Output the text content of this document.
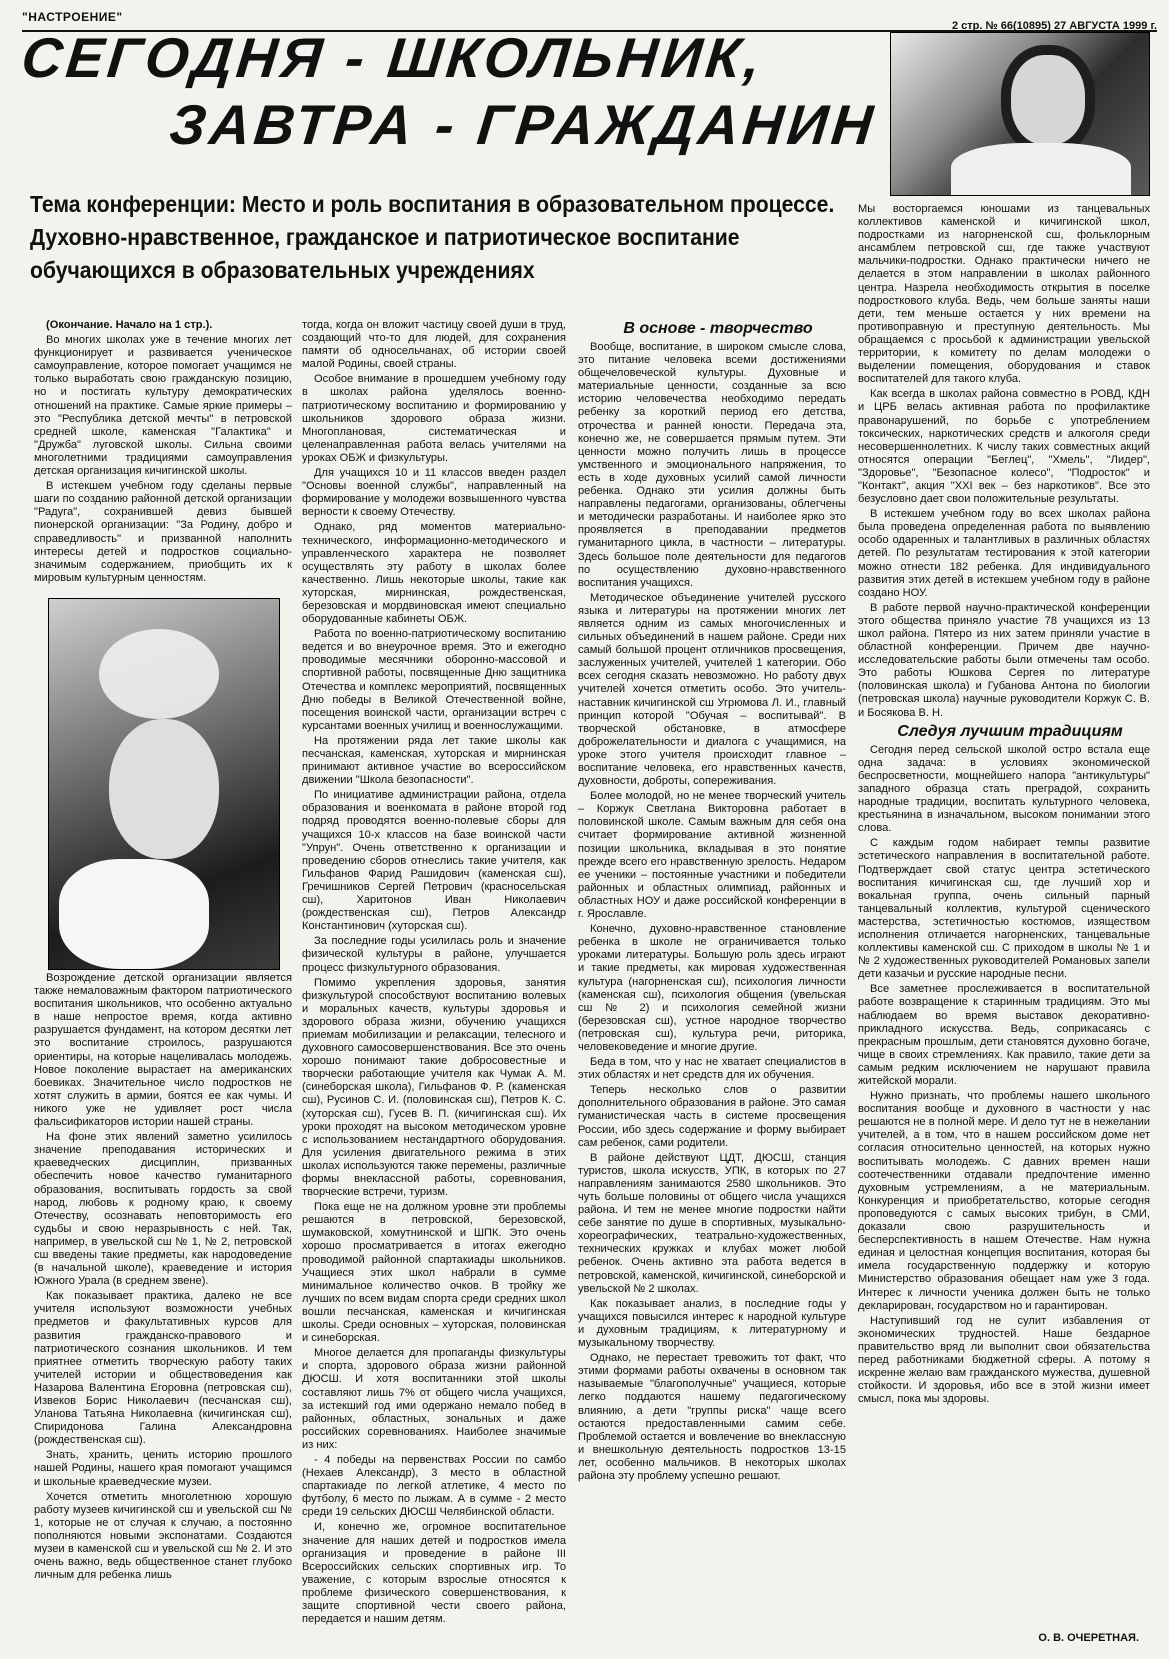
"НАСТРОЕНИЕ"
2 стр. № 66(10895) 27 АВГУСТА 1999 г.
СЕГОДНЯ - ШКОЛЬНИК,
ЗАВТРА - ГРАЖДАНИН
Тема конференции: Место и роль воспитания в образовательном процессе. Духовно-нравственное, гражданское и патриотическое воспитание обучающихся в образовательных учреждениях

(Окончание. Начало на 1 стр.).

Во многих школах уже в течение многих лет функционирует и развивается ученическое самоуправление, которое помогает учащимся не только выработать свою гражданскую позицию, но и постигать культуру демократических отношений на практике. Самые яркие примеры – это "Республика детской мечты" в петровской средней школе, каменская "Галактика" и "Дружба" луговской школы. Сильна своими многолетними традициями самоуправления детская организация кичигинской школы.

В истекшем учебном году сделаны первые шаги по созданию районной детской организации "Радуга", сохранившей девиз бывшей пионерской организации: "За Родину, добро и справедливость" и призванной наполнить интересы детей и подростков социально-значимым содержанием, приобщить их к мировым культурным ценностям.

Возрождение детской организации является также немаловажным фактором патриотического воспитания школьников, что особенно актуально в наше непростое время, когда активно разрушается фундамент, на котором десятки лет это воспитание строилось, разрушаются ориентиры, на которые нацеливалась молодежь. Новое поколение вырастает на американских боевиках. Значительное число подростков не хотят служить в армии, боятся ее как чумы. И никого уже не удивляет рост числа фальсификаторов истории нашей страны.

На фоне этих явлений заметно усилилось значение преподавания исторических и краеведческих дисциплин, призванных обеспечить новое качество гуманитарного образования, воспитывать гордость за свой народ, любовь к родному краю, к своему Отечеству, осознавать неповторимость его судьбы и свою неразрывность с ней. Так, например, в увельской сш № 1, № 2, петровской сш введены такие предметы, как народоведение (в начальной школе), краеведение и история Южного Урала (в среднем звене).

Как показывает практика, далеко не все учителя используют возможности учебных предметов и факультативных курсов для развития гражданско-правового и патриотического сознания школьников. И тем приятнее отметить творческую работу таких учителей истории и обществоведения как Назарова Валентина Егоровна (петровская сш), Извеков Борис Николаевич (песчанская сш), Уланова Татьяна Николаевна (кичигинская сш), Спиридонова Галина Александровна (рождественская сш).

Знать, хранить, ценить историю прошлого нашей Родины, нашего края помогают учащимся и школьные краеведческие музеи.

Хочется отметить многолетнюю хорошую работу музеев кичигинской сш и увельской сш № 1, которые не от случая к случаю, а постоянно пополняются новыми экспонатами. Создаются музеи в каменской сш и увельской сш № 2. И это очень важно, ведь общественное станет глубоко личным для ребенка лишь

тогда, когда он вложит частицу своей души в труд, создающий что-то для людей, для сохранения памяти об односельчанах, об истории своей малой Родины, своей страны.

Особое внимание в прошедшем учебному году в школах района уделялось военно-патриотическому воспитанию и формированию у школьников здорового образа жизни. Многоплановая, систематическая и целенаправленная работа велась учителями на уроках ОБЖ и физкультуры.

Для учащихся 10 и 11 классов введен раздел "Основы военной службы", направленный на формирование у молодежи возвышенного чувства верности к своему Отечеству.

Однако, ряд моментов материально-технического, информационно-методического и управленческого характера не позволяет осуществлять эту работу в школах более качественно. Лишь некоторые школы, такие как хуторская, мирнинская, рождественская, березовская и мордвиновская имеют специально оборудованные кабинеты ОБЖ.

Работа по военно-патриотическому воспитанию ведется и во внеурочное время. Это и ежегодно проводимые месячники оборонно-массовой и спортивной работы, посвященные Дню защитника Отечества и комплекс мероприятий, посвященных Дню победы в Великой Отечественной войне, посещения воинской части, организации встреч с курсантами военных училищ и военнослужащими.

На протяжении ряда лет такие школы как песчанская, каменская, хуторская и мирнинская принимают активное участие во всероссийском движении "Школа безопасности".

По инициативе администрации района, отдела образования и военкомата в районе второй год подряд проводятся военно-полевые сборы для учащихся 10-х классов на базе воинской части "Упрун". Очень ответственно к организации и проведению сборов отнеслись такие учителя, как Гильфанов Фарид Рашидович (каменская сш), Гречишников Сергей Петрович (красносельская сш), Харитонов Иван Николаевич (рождественская сш), Петров Александр Константинович (хуторская сш).

За последние годы усилилась роль и значение физической культуры в районе, улучшается процесс физкультурного образования.

Помимо укрепления здоровья, занятия физкультурой способствуют воспитанию волевых и моральных качеств, культуры здоровья и здорового образа жизни, обучению учащихся приемам мобилизации и релаксации, телесного и духовного самосовершенствования. Все это очень хорошо понимают такие добросовестные и творчески работающие учителя как Чумак А. М. (синеборская школа), Гильфанов Ф. Р. (каменская сш), Русинов С. И. (половинская сш), Петров К. С. (хуторская сш), Гусев В. П. (кичигинская сш). Их уроки проходят на высоком методическом уровне с использованием нестандартного оборудования. Для усиления двигательного режима в этих школах используются также перемены, различные формы внеклассной работы, соревнования, творческие встречи, туризм.

Пока еще не на должном уровне эти проблемы решаются в петровской, березовской, шумаковской, хомутнинской и ШПК. Это очень хорошо просматривается в итогах ежегодно проводимой районной спартакиады школьников. Учащиеся этих школ набрали в сумме минимальное количество очков. В тройку же лучших по всем видам спорта среди средних школ вошли песчанская, каменская и кичигинская школы. Среди основных – хуторская, половинская и синеборская.

Многое делается для пропаганды физкультуры и спорта, здорового образа жизни районной ДЮСШ. И хотя воспитанники этой школы составляют лишь 7% от общего числа учащихся, за истекший год ими одержано немало побед в районных, областных, зональных и даже российских соревнованиях. Наиболее значимые из них:

- 4 победы на первенствах России по самбо (Нехаев Александр), 3 место в областной спартакиаде по легкой атлетике, 4 место по футболу, 6 место по лыжам. А в сумме - 2 место среди 19 сельских ДЮСШ Челябинской области.

И, конечно же, огромное воспитательное значение для наших детей и подростков имела организация и проведение в районе III Всероссийских сельских спортивных игр. То уважение, с которым взрослые относятся к проблеме физического совершенствования, к защите спортивной чести своего района, передается и нашим детям.

В основе - творчество

Вообще, воспитание, в широком смысле слова, это питание человека всеми достижениями общечеловеческой культуры. Духовные и материальные ценности, созданные за всю историю человечества необходимо передать ребенку за короткий период его детства, отрочества и ранней юности. Передача эта, конечно же, не совершается прямым путем. Эти ценности можно получить лишь в процессе умственного и эмоционального напряжения, то есть в ходе духовных усилий самой личности ребенка. Однако эти усилия должны быть направлены педагогами, организованы, облегчены и методически разработаны. И наиболее ярко это проявляется в преподавании предметов гуманитарного цикла, в частности – литературы. Здесь большое поле деятельности для педагогов по осуществлению духовно-нравственного воспитания учащихся.

Методическое объединение учителей русского языка и литературы на протяжении многих лет является одним из самых многочисленных и сильных объединений в нашем районе. Среди них самый большой процент отличников просвещения, заслуженных учителей, учителей 1 категории. Обо всех сегодня сказать невозможно. Но работу двух учителей хочется отметить особо. Это учитель-наставник кичигинской сш Угрюмова Л. И., главный принцип которой "Обучая – воспитывай". В творческой обстановке, в атмосфере доброжелательности и диалога с учащимися, на уроке этого учителя происходит главное – воспитание человека, его нравственных качеств, духовности, доброты, сопереживания.

Более молодой, но не менее творческий учитель – Коржук Светлана Викторовна работает в половинской школе. Самым важным для себя она считает формирование активной жизненной позиции школьника, вкладывая в это понятие прежде всего его нравственную зрелость. Недаром ее ученики – постоянные участники и победители районных и областных олимпиад, районных и областных НОУ и даже российской конференции в г. Ярославле.

Конечно, духовно-нравственное становление ребенка в школе не ограничивается только уроками литературы. Большую роль здесь играют и такие предметы, как мировая художественная культура (нагорненская сш), психология личности (каменская сш), психология общения (увельская сш № 2) и психология семейной жизни (березовская сш), устное народное творчество (петровская сш), культура речи, риторика, человековедение и многие другие.

Беда в том, что у нас не хватает специалистов в этих областях и нет средств для их обучения.

Теперь несколько слов о развитии дополнительного образования в районе. Это самая гуманистическая часть в системе просвещения России, ибо здесь содержание и форму выбирает сам ребенок, сами родители.

В районе действуют ЦДТ, ДЮСШ, станция туристов, школа искусств, УПК, в которых по 27 направлениям занимаются 2580 школьников. Это чуть больше половины от общего числа учащихся района. И тем не менее многие подростки найти себе занятие по душе в спортивных, музыкально-хореографических, театрально-художественных, технических кружках и клубах может любой ребенок. Очень активно эта работа ведется в петровской, каменской, кичигинской, синеборской и увельской № 2 школах.

Как показывает анализ, в последние годы у учащихся повысился интерес к народной культуре и духовным традициям, к литературному и музыкальному творчеству.

Однако, не перестает тревожить тот факт, что этими формами работы охвачены в основном так называемые "благополучные" учащиеся, которые легко поддаются нашему педагогическому влиянию, а дети "группы риска" чаще всего остаются предоставленными самим себе. Проблемой остается и вовлечение во внеклассную и внешкольную деятельность подростков 13-15 лет, особенно мальчиков. В некоторых школах района эту проблему успешно решают.

Мы восторгаемся юношами из танцевальных коллективов каменской и кичигинской школ, подростками из нагорненской сш, фольклорным ансамблем петровской сш, где также участвуют мальчики-подростки. Однако практически ничего не делается в этом направлении в школах районного центра. Назрела необходимость открытия в поселке подросткового клуба. Ведь, чем больше заняты наши дети, тем меньше остается у них времени на противоправную и преступную деятельность. Мы обращаемся с просьбой к администрации увельской территории, к комитету по делам молодежи о выделении помещения, оборудования и ставок воспитателей для такого клуба.

Как всегда в школах района совместно в РОВД, КДН и ЦРБ велась активная работа по профилактике правонарушений, по борьбе с употреблением токсических, наркотических средств и алкоголя среди несовершеннолетних. К числу таких совместных акций относятся операции "Беглец", "Хмель", "Лидер", "Здоровье", "Безопасное колесо", "Подросток" и "Контакт", акция "XXI век – без наркотиков". Все это безусловно дает свои положительные результаты.

В истекшем учебном году во всех школах района была проведена определенная работа по выявлению особо одаренных и талантливых в различных областях детей. По результатам тестирования к этой категории можно отнести 182 ребенка. Для индивидуального развития этих детей в истекшем учебном году в районе создано НОУ.

В работе первой научно-практической конференции этого общества приняло участие 78 учащихся из 13 школ района. Пятеро из них затем приняли участие в областной конференции. Причем две научно-исследовательские работы были отмечены там особо. Это работы Юшкова Сергея по литературе (половинская школа) и Губанова Антона по биологии (петровская школа) научные руководители Коржук С. В. и Босякова В. Н.

Следуя лучшим традициям

Сегодня перед сельской школой остро встала еще одна задача: в условиях экономической беспросветности, мощнейшего напора "антикультуры" западного образца стать преградой, сохранить народные традиции, воспитать культурного человека, крестьянина в изначальном, высоком понимании этого слова.

С каждым годом набирает темпы развитие эстетического направления в воспитательной работе. Подтверждает свой статус центра эстетического воспитания кичигинская сш, где лучший хор и вокальная группа, очень сильный парный танцевальный коллектив, культурой сценического мастерства, эстетичностью костюмов, изяществом исполнения отличается нагорненских, танцевальные коллективы каменской сш. С приходом в школы № 1 и № 2 художественных руководителей Романовых запели дети казачьи и русские народные песни.

Все заметнее прослеживается в воспитательной работе возвращение к старинным традициям. Это мы наблюдаем во время выставок декоративно-прикладного искусства. Ведь, соприкасаясь с прекрасным прошлым, дети становятся духовно богаче, чище в своих стремлениях. Как правило, такие дети за самым редким исключением не нарушают правила житейской морали.

Нужно признать, что проблемы нашего школьного воспитания вообще и духовного в частности у нас решаются не в полной мере. И дело тут не в нежелании учителей, а в том, что в нашем российском доме нет согласия относительно ценностей, на которых нужно воспитывать молодежь. С давних времен наши соотечественники отдавали предпочтение именно духовным устремлениям, а не материальным. Конкуренция и приобретательство, которые сегодня проповедуются с самых высоких трибун, в СМИ, доказали свою разрушительность и бесперспективность в нашем Отечестве. Нам нужна единая и целостная концепция воспитания, которая бы имела государственную поддержку и которую Министерство образования обещает нам уже 3 года. Интерес к личности ученика должен быть не только декларирован, государством но и гарантирован.

Наступивший год не сулит избавления от экономических трудностей. Наше бездарное правительство вряд ли выполнит свои обязательства перед работниками бюджетной сферы. А потому я искренне желаю вам гражданского мужества, душевной стойкости. И здоровья, ибо все в этой жизни имеет смысл, пока мы здоровы.

О. В. ОЧЕРЕТНАЯ.
